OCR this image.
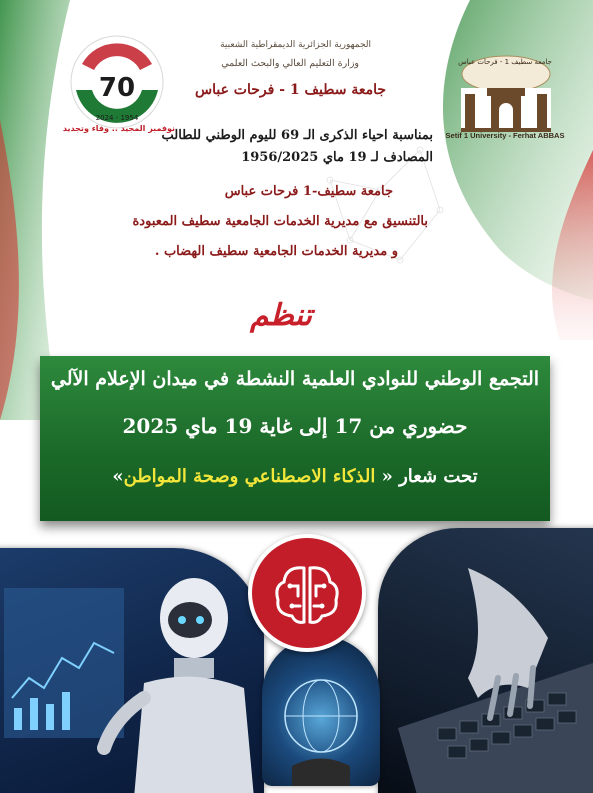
70
2024 - 1954
نوفمبر المجيد .. وفاء وتجديد
جامعة سطيف 1 - فرحات عباس
Setif 1 University - Ferhat ABBAS
الجمهورية الجزائرية الديمقراطية الشعبية
وزارة التعليم العالي والبحث العلمي
جامعة سطيف 1 - فرحات عباس
بمناسبة احياء الذكرى الـ 69 لليوم الوطني للطالب
المصادف لـ 19 ماي 1956/2025
جامعة سطيف-1 فرحات عباس
بالتنسيق مع مديرية الخدمات الجامعية سطيف المعبودة
و مديرية الخدمات الجامعية سطيف الهضاب .
تنظم
التجمع الوطني للنوادي العلمية النشطة في ميدان الإعلام الآلي
حضوري من 17 إلى غاية 19 ماي 2025
تحت شعار « الذكاء الاصطناعي وصحة المواطن»
